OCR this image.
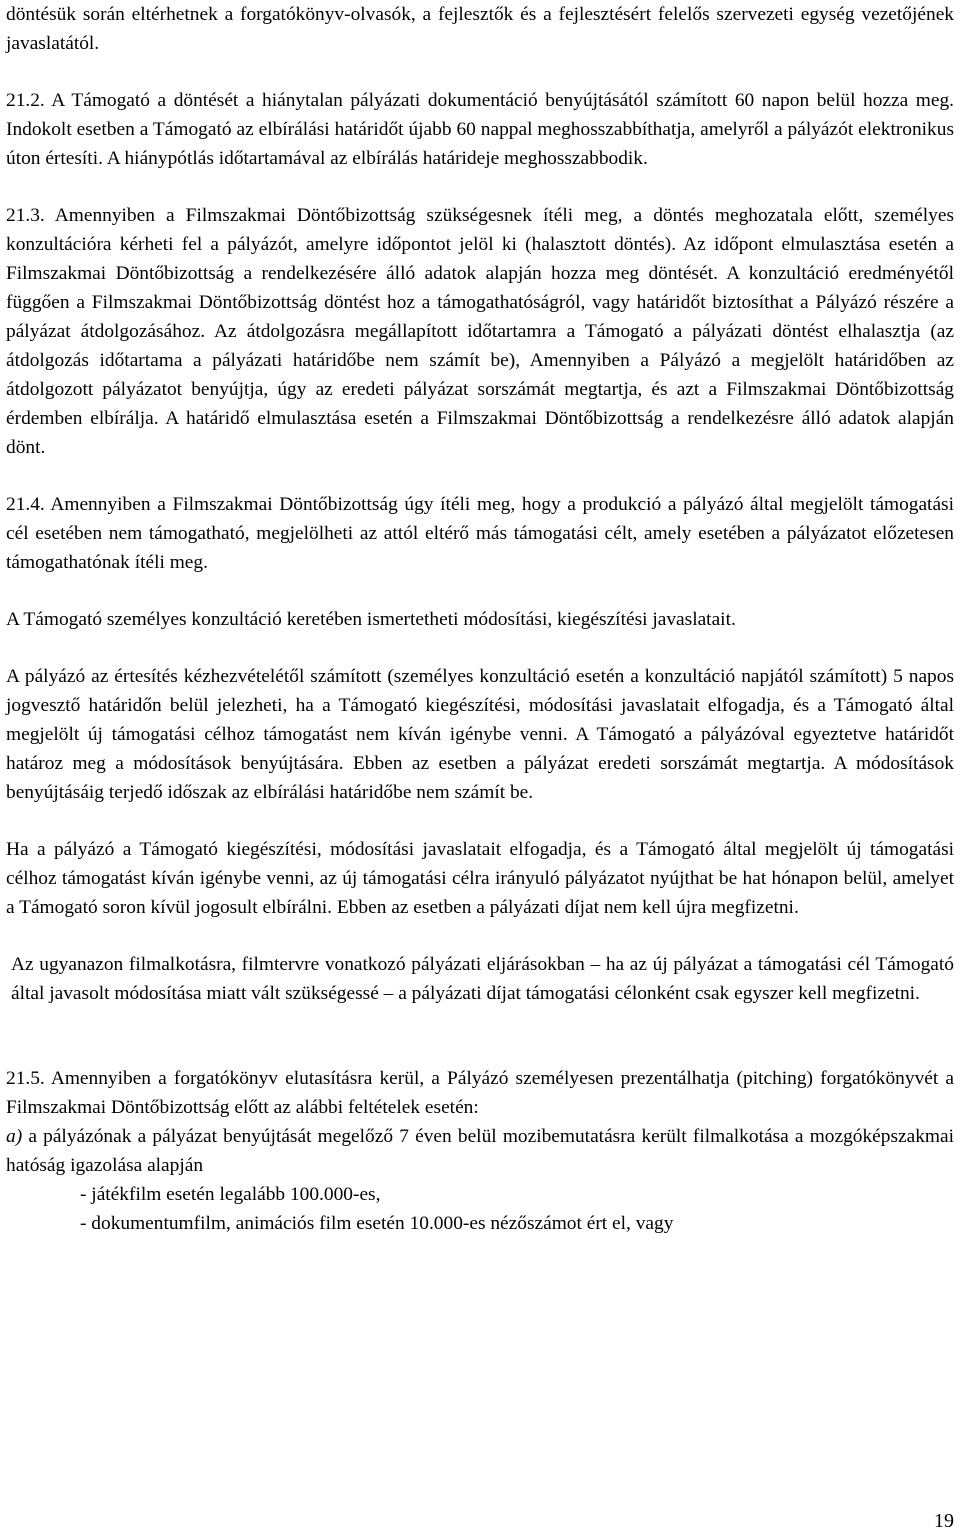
döntésük során eltérhetnek a forgatókönyv-olvasók, a fejlesztők és a fejlesztésért felelős szervezeti egység vezetőjének javaslatától.

21.2. A Támogató a döntését a hiánytalan pályázati dokumentáció benyújtásától számított 60 napon belül hozza meg. Indokolt esetben a Támogató az elbírálási határidőt újabb 60 nappal meghosszabbíthatja, amelyről a pályázót elektronikus úton értesíti. A hiánypótlás időtartamával az elbírálás határideje meghosszabbodik.

21.3. Amennyiben a Filmszakmai Döntőbizottság szükségesnek ítéli meg, a döntés meghozatala előtt, személyes konzultációra kérheti fel a pályázót, amelyre időpontot jelöl ki (halasztott döntés). Az időpont elmulasztása esetén a Filmszakmai Döntőbizottság a rendelkezésére álló adatok alapján hozza meg döntését. A konzultáció eredményétől függően a Filmszakmai Döntőbizottság döntést hoz a támogathatóságról, vagy határidőt biztosíthat a Pályázó részére a pályázat átdolgozásához. Az átdolgozásra megállapított időtartamra a Támogató a pályázati döntést elhalasztja (az átdolgozás időtartama a pályázati határidőbe nem számít be), Amennyiben a Pályázó a megjelölt határidőben az átdolgozott pályázatot benyújtja, úgy az eredeti pályázat sorszámát megtartja, és azt a Filmszakmai Döntőbizottság érdemben elbírálja. A határidő elmulasztása esetén a Filmszakmai Döntőbizottság a rendelkezésre álló adatok alapján dönt.

21.4. Amennyiben a Filmszakmai Döntőbizottság úgy ítéli meg, hogy a produkció a pályázó által megjelölt támogatási cél esetében nem támogatható, megjelölheti az attól eltérő más támogatási célt, amely esetében a pályázatot előzetesen támogathatónak ítéli meg.

A Támogató személyes konzultáció keretében ismertetheti módosítási, kiegészítési javaslatait.

A pályázó az értesítés kézhezvételétől számított (személyes konzultáció esetén a konzultáció napjától számított) 5 napos jogvesztő határidőn belül jelezheti, ha a Támogató kiegészítési, módosítási javaslatait elfogadja, és a Támogató által megjelölt új támogatási célhoz támogatást nem kíván igénybe venni. A Támogató a pályázóval egyeztetve határidőt határoz meg a módosítások benyújtására. Ebben az esetben a pályázat eredeti sorszámát megtartja. A módosítások benyújtásáig terjedő időszak az elbírálási határidőbe nem számít be.

Ha a pályázó a Támogató kiegészítési, módosítási javaslatait elfogadja, és a Támogató által megjelölt új támogatási célhoz támogatást kíván igénybe venni, az új támogatási célra irányuló pályázatot nyújthat be hat hónapon belül, amelyet a Támogató soron kívül jogosult elbírálni. Ebben az esetben a pályázati díjat nem kell újra megfizetni.

Az ugyanazon filmalkotásra, filmtervre vonatkozó pályázati eljárásokban – ha az új pályázat a támogatási cél Támogató által javasolt módosítása miatt vált szükségessé – a pályázati díjat támogatási célonként csak egyszer kell megfizetni.

21.5. Amennyiben a forgatókönyv elutasításra kerül, a Pályázó személyesen prezentálhatja (pitching) forgatókönyvét a Filmszakmai Döntőbizottság előtt az alábbi feltételek esetén:

a) a pályázónak a pályázat benyújtását megelőző 7 éven belül mozibemutatásra került filmalkotása a mozgóképszakmai hatóság igazolása alapján

- játékfilm esetén legalább 100.000-es,

- dokumentumfilm, animációs film esetén 10.000-es nézőszámot ért el, vagy

19
